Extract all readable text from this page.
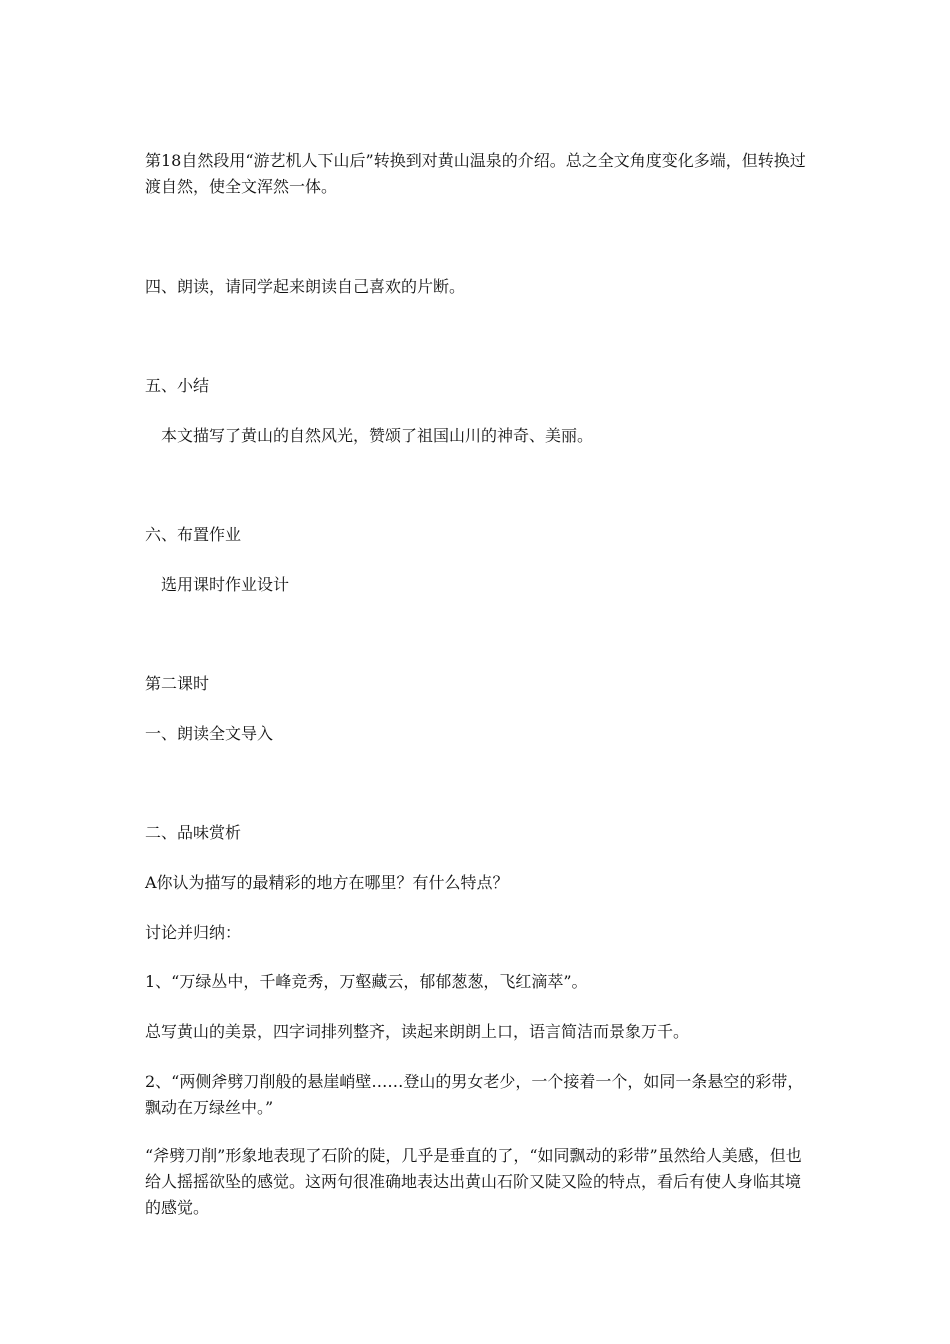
第18自然段用“游艺机人下山后”转换到对黄山温泉的介绍。总之全文角度变化多端，但转换过渡自然，使全文浑然一体。

四、朗读，请同学起来朗读自己喜欢的片断。

五、小结

本文描写了黄山的自然风光，赞颂了祖国山川的神奇、美丽。

六、布置作业

选用课时作业设计

第二课时

一、朗读全文导入

二、品味赏析

A你认为描写的最精彩的地方在哪里？有什么特点？

讨论并归纳：

1、“万绿丛中，千峰竞秀，万壑藏云，郁郁葱葱，飞红滴萃”。

总写黄山的美景，四字词排列整齐，读起来朗朗上口，语言简洁而景象万千。

2、“两侧斧劈刀削般的悬崖峭壁……登山的男女老少，一个接着一个，如同一条悬空的彩带，飘动在万绿丝中。”

“斧劈刀削”形象地表现了石阶的陡，几乎是垂直的了，“如同飘动的彩带”虽然给人美感，但也给人摇摇欲坠的感觉。这两句很准确地表达出黄山石阶又陡又险的特点，看后有使人身临其境的感觉。
